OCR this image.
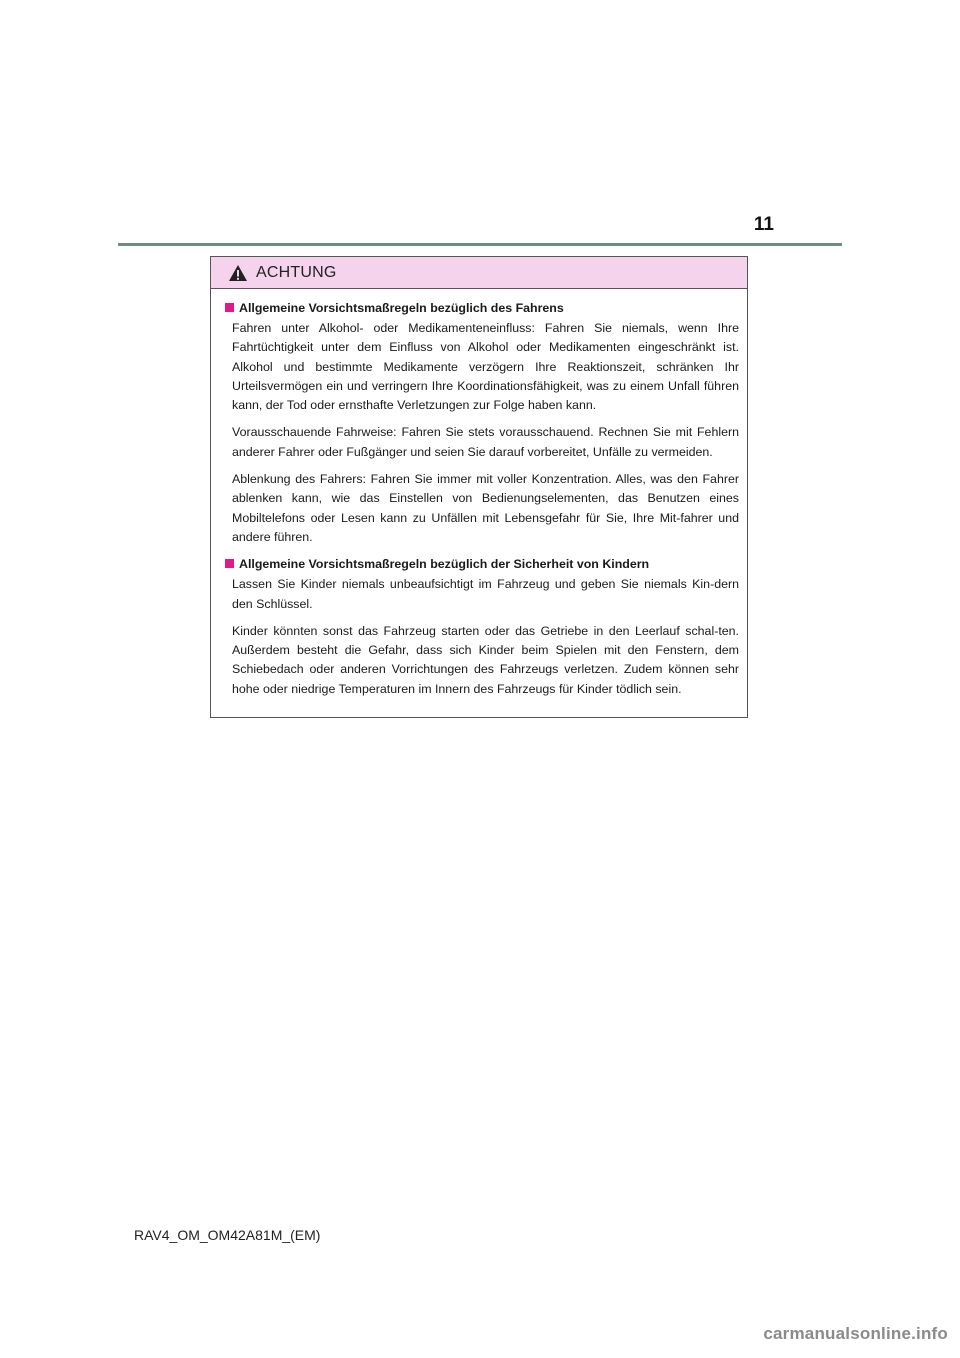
11
ACHTUNG
Allgemeine Vorsichtsmaßregeln bezüglich des Fahrens

Fahren unter Alkohol- oder Medikamenteneinfluss: Fahren Sie niemals, wenn Ihre Fahrtüchtigkeit unter dem Einfluss von Alkohol oder Medikamenten eingeschränkt ist. Alkohol und bestimmte Medikamente verzögern Ihre Reaktionszeit, schränken Ihr Urteilsvermögen ein und verringern Ihre Koordinationsfähigkeit, was zu einem Unfall führen kann, der Tod oder ernsthafte Verletzungen zur Folge haben kann.

Vorausschauende Fahrweise: Fahren Sie stets vorausschauend. Rechnen Sie mit Fehlern anderer Fahrer oder Fußgänger und seien Sie darauf vorbereitet, Unfälle zu vermeiden.

Ablenkung des Fahrers: Fahren Sie immer mit voller Konzentration. Alles, was den Fahrer ablenken kann, wie das Einstellen von Bedienungselementen, das Benutzen eines Mobiltelefons oder Lesen kann zu Unfällen mit Lebensgefahr für Sie, Ihre Mit-fahrer und andere führen.

Allgemeine Vorsichtsmaßregeln bezüglich der Sicherheit von Kindern

Lassen Sie Kinder niemals unbeaufsichtigt im Fahrzeug und geben Sie niemals Kin-dern den Schlüssel.

Kinder könnten sonst das Fahrzeug starten oder das Getriebe in den Leerlauf schal-ten. Außerdem besteht die Gefahr, dass sich Kinder beim Spielen mit den Fenstern, dem Schiebedach oder anderen Vorrichtungen des Fahrzeugs verletzen. Zudem können sehr hohe oder niedrige Temperaturen im Innern des Fahrzeugs für Kinder tödlich sein.

RAV4_OM_OM42A81M_(EM)
carmanualsonline.info
